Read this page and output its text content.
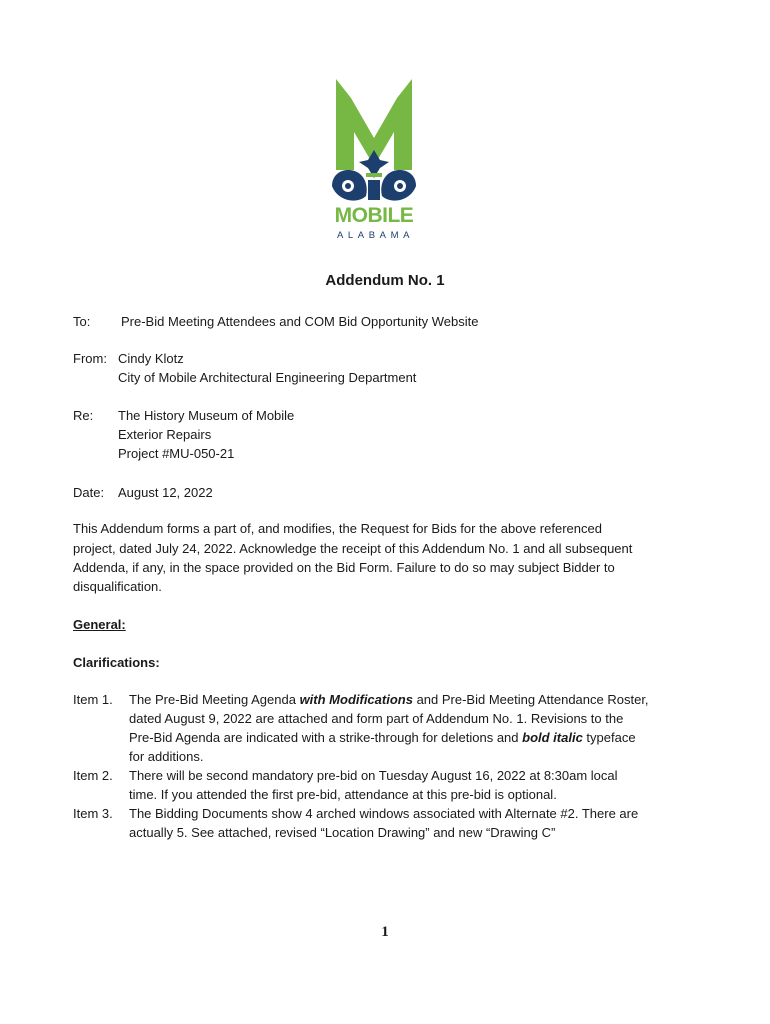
MOBILE
ALABAMA
Addendum No. 1
To: Pre-Bid Meeting Attendees and COM Bid Opportunity Website
From: Cindy Klotz
City of Mobile Architectural Engineering Department
Re: The History Museum of Mobile
Exterior Repairs
Project #MU-050-21
Date: August 12, 2022
This Addendum forms a part of, and modifies, the Request for Bids for the above referenced
project, dated July 24, 2022. Acknowledge the receipt of this Addendum No. 1 and all subsequent
Addenda, if any, in the space provided on the Bid Form. Failure to do so may subject Bidder to
disqualification.
General:
Clarifications:
Item 1. The Pre-Bid Meeting Agenda with Modifications and Pre-Bid Meeting Attendance Roster,
dated August 9, 2022 are attached and form part of Addendum No. 1. Revisions to the
Pre-Bid Agenda are indicated with a strike-through for deletions and bold italic typeface
for additions.
Item 2. There will be second mandatory pre-bid on Tuesday August 16, 2022 at 8:30am local
time. If you attended the first pre-bid, attendance at this pre-bid is optional.
Item 3. The Bidding Documents show 4 arched windows associated with Alternate #2. There are
actually 5. See attached, revised “Location Drawing” and new “Drawing C”
1
